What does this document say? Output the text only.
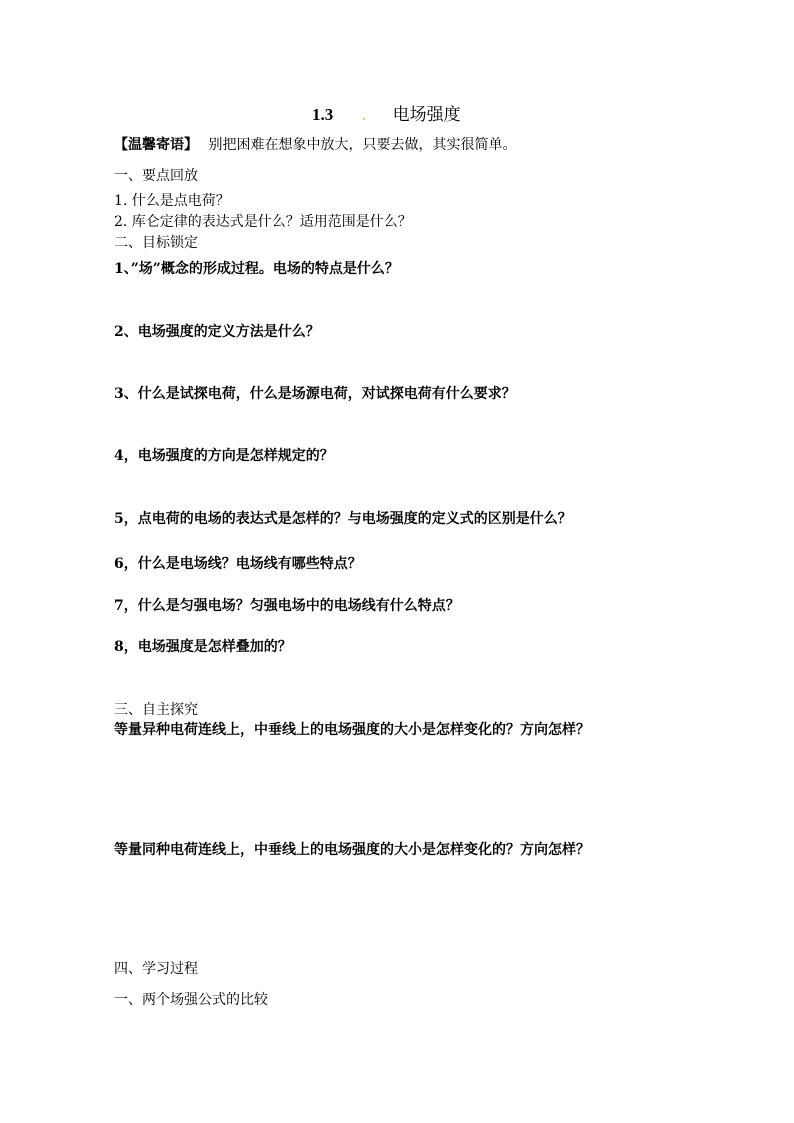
1.3 . 电场强度
【温馨寄语】 别把困难在想象中放大，只要去做，其实很简单。
一、要点回放
1. 什么是点电荷？
2. 库仑定律的表达式是什么？适用范围是什么？
二、目标锁定
1、”场”概念的形成过程。电场的特点是什么？
2、电场强度的定义方法是什么？
3、什么是试探电荷，什么是场源电荷，对试探电荷有什么要求？
4，电场强度的方向是怎样规定的？
5，点电荷的电场的表达式是怎样的？与电场强度的定义式的区别是什么？
6，什么是电场线？电场线有哪些特点？
7，什么是匀强电场？匀强电场中的电场线有什么特点？
8，电场强度是怎样叠加的？
三、自主探究
等量异种电荷连线上，中垂线上的电场强度的大小是怎样变化的？方向怎样？
等量同种电荷连线上，中垂线上的电场强度的大小是怎样变化的？方向怎样？
四、学习过程
一、两个场强公式的比较
